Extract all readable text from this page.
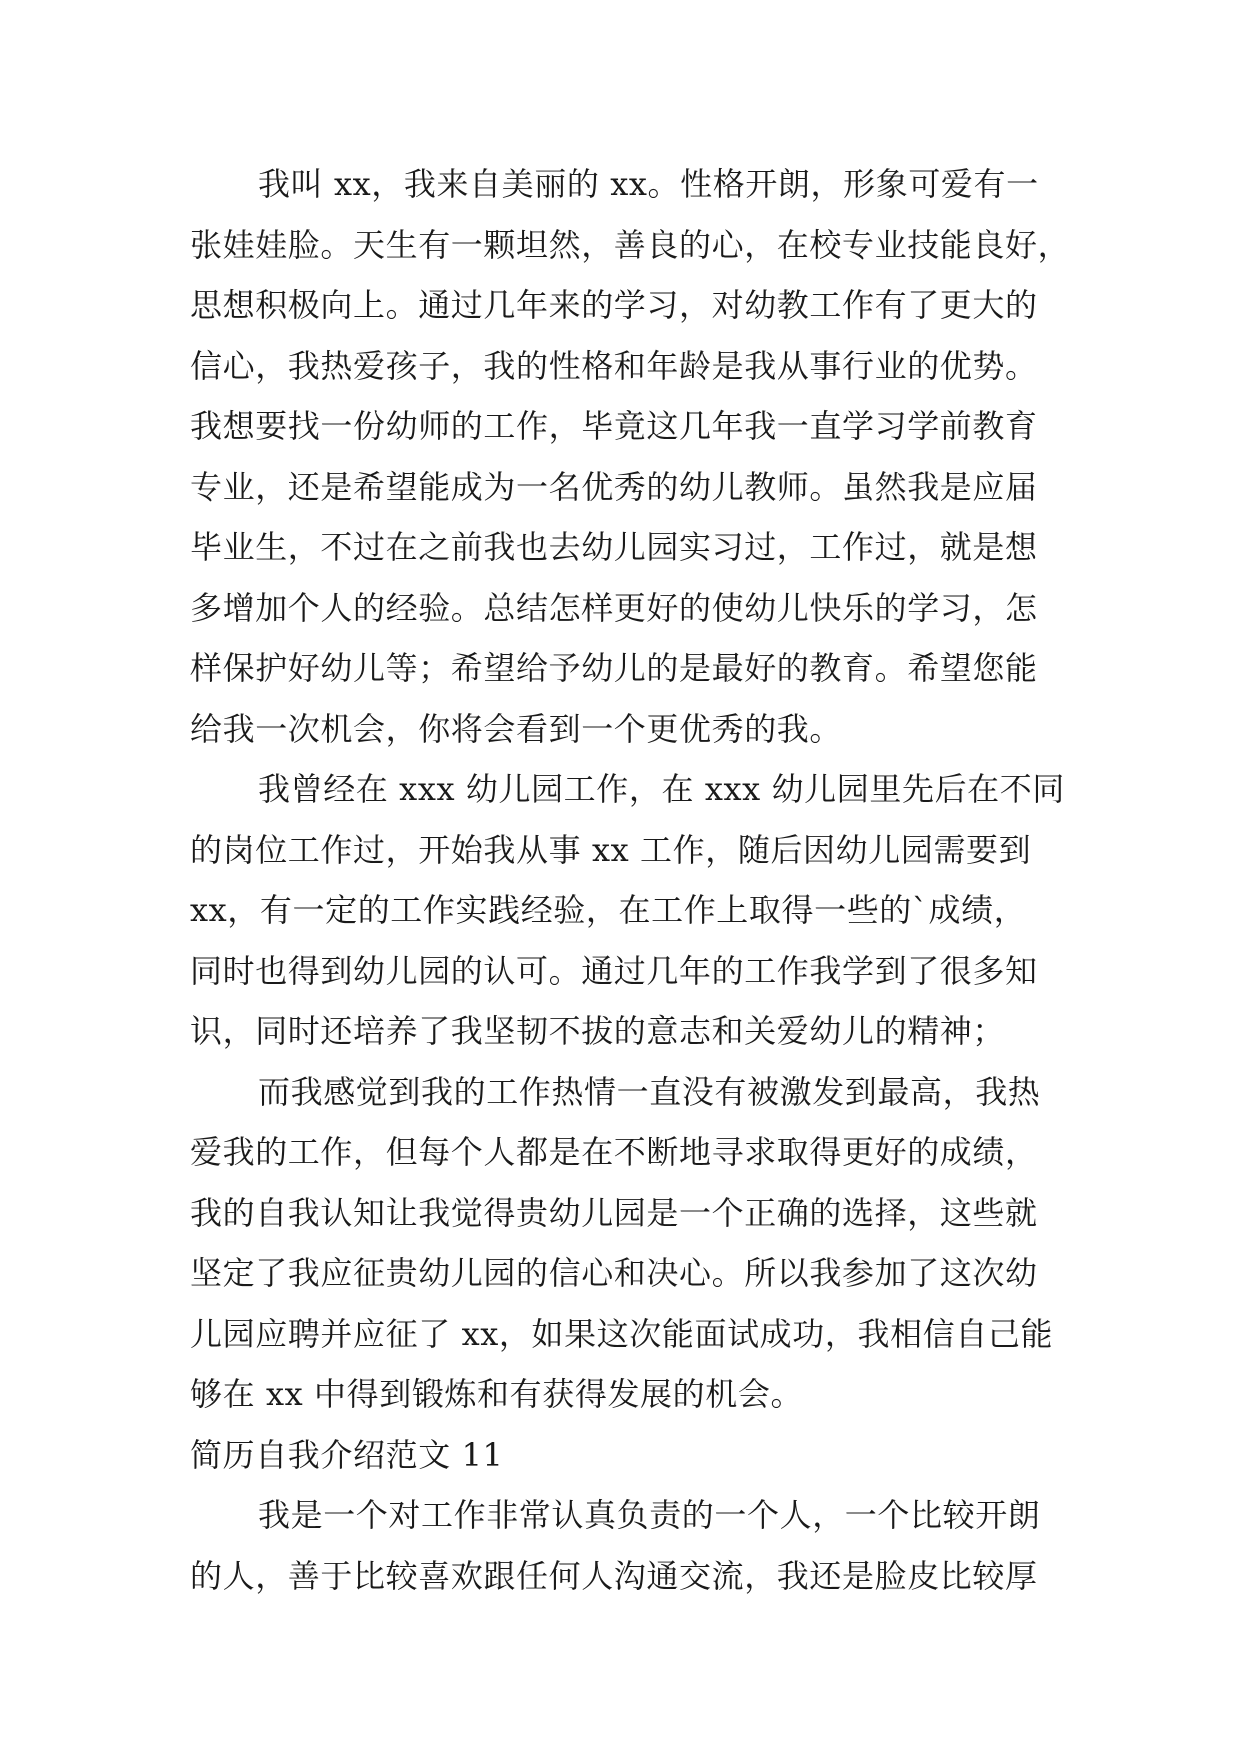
我叫 xx，我来自美丽的 xx。性格开朗，形象可爱有一
张娃娃脸。天生有一颗坦然，善良的心，在校专业技能良好，
思想积极向上。通过几年来的学习，对幼教工作有了更大的
信心，我热爱孩子，我的性格和年龄是我从事行业的优势。
我想要找一份幼师的工作，毕竟这几年我一直学习学前教育
专业，还是希望能成为一名优秀的幼儿教师。虽然我是应届
毕业生，不过在之前我也去幼儿园实习过，工作过，就是想
多增加个人的经验。总结怎样更好的使幼儿快乐的学习，怎
样保护好幼儿等；希望给予幼儿的是最好的教育。希望您能
给我一次机会，你将会看到一个更优秀的我。
我曾经在 xxx 幼儿园工作，在 xxx 幼儿园里先后在不同
的岗位工作过，开始我从事 xx 工作，随后因幼儿园需要到
xx，有一定的工作实践经验，在工作上取得一些的`成绩，
同时也得到幼儿园的认可。通过几年的工作我学到了很多知
识，同时还培养了我坚韧不拔的意志和关爱幼儿的精神；
而我感觉到我的工作热情一直没有被激发到最高，我热
爱我的工作，但每个人都是在不断地寻求取得更好的成绩，
我的自我认知让我觉得贵幼儿园是一个正确的选择，这些就
坚定了我应征贵幼儿园的信心和决心。所以我参加了这次幼
儿园应聘并应征了 xx，如果这次能面试成功，我相信自己能
够在 xx 中得到锻炼和有获得发展的机会。
简历自我介绍范文 11
我是一个对工作非常认真负责的一个人，一个比较开朗
的人，善于比较喜欢跟任何人沟通交流，我还是脸皮比较厚
